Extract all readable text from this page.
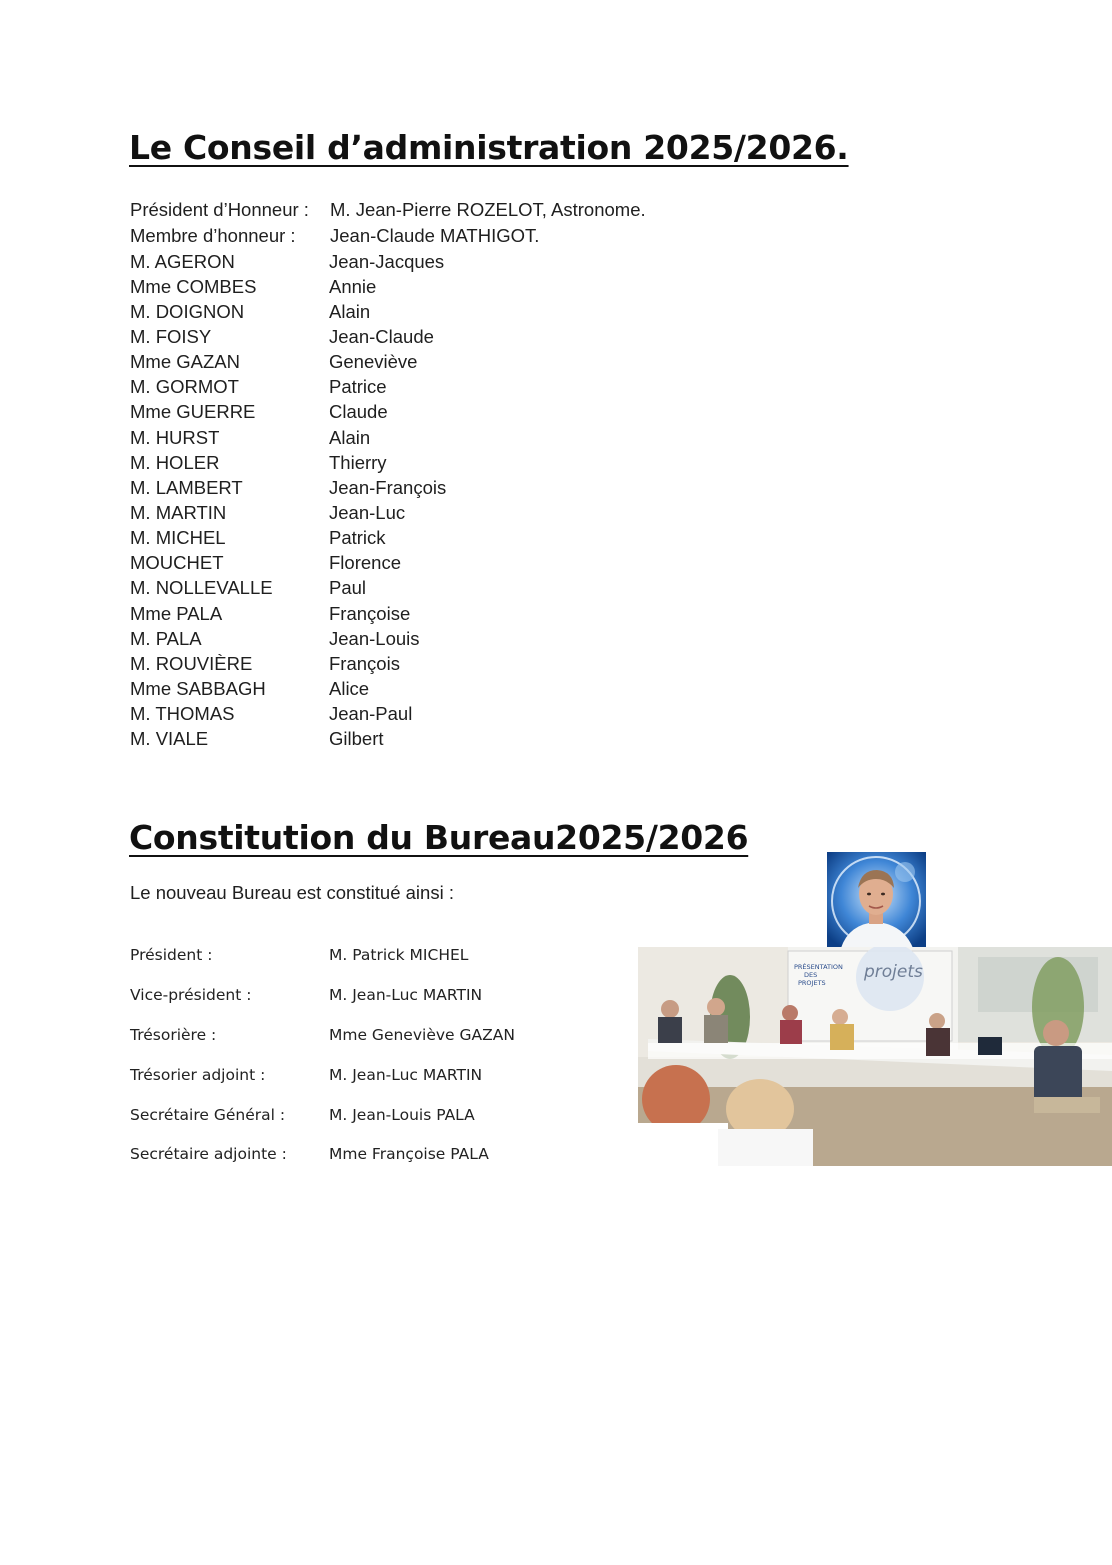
Le Conseil d’administration 2025/2026.
Président d’Honneur : M. Jean-Pierre ROZELOT, Astronome.
Membre d’honneur : Jean-Claude MATHIGOT.
M. AGERON	Jean-Jacques
Mme COMBES	Annie
M. DOIGNON	Alain
M. FOISY	Jean-Claude
Mme GAZAN	Geneviève
M. GORMOT	Patrice
Mme GUERRE	Claude
M. HURST	Alain
M. HOLER	Thierry
M. LAMBERT	Jean-François
M. MARTIN	Jean-Luc
M. MICHEL	Patrick
MOUCHET	Florence
M. NOLLEVALLE	Paul
Mme PALA	Françoise
M. PALA	Jean-Louis
M. ROUVIÈRE	François
Mme SABBAGH	Alice
M. THOMAS	Jean-Paul
M. VIALE	Gilbert
Constitution du Bureau2025/2026
Le nouveau Bureau est constitué ainsi :
Président :	M. Patrick MICHEL
Vice-président :	M. Jean-Luc MARTIN
Trésorière :	Mme Geneviève GAZAN
Trésorier adjoint :	M. Jean-Luc MARTIN
Secrétaire Général :	M. Jean-Louis PALA
Secrétaire adjointe :	Mme Françoise PALA
PRÉSENTATION
DES
PROJETS
projets
